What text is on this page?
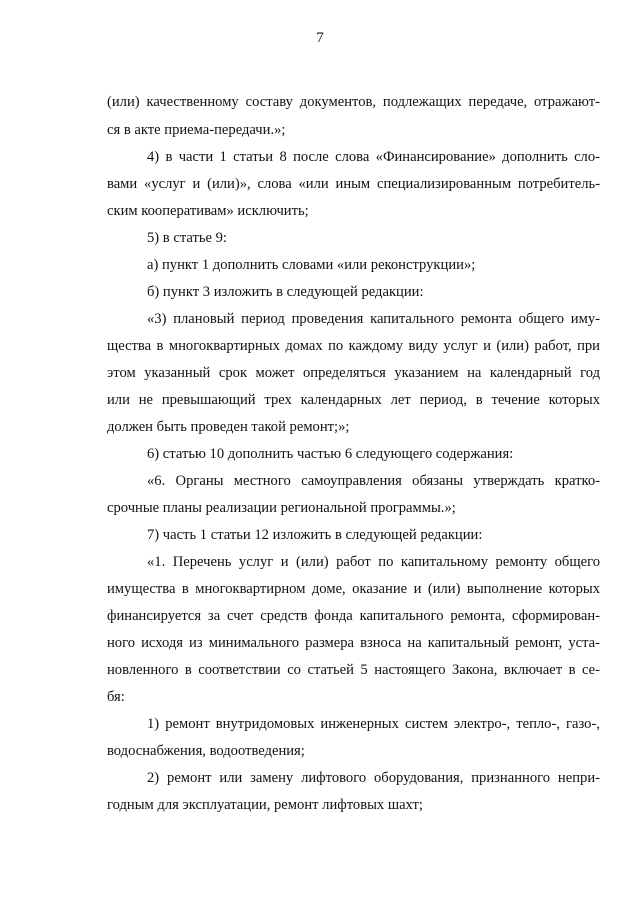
7
(или) качественному составу документов, подлежащих передаче, отражают-
ся в акте приема-передачи.»;
4) в части 1 статьи 8 после слова «Финансирование» дополнить сло-
вами «услуг и (или)», слова «или иным специализированным потребитель-
ским кооперативам» исключить;
5) в статье 9:
а) пункт 1 дополнить словами «или реконструкции»;
б) пункт 3 изложить в следующей редакции:
«3) плановый период проведения капитального ремонта общего иму-
щества в многоквартирных домах по каждому виду услуг и (или) работ, при
этом указанный срок может определяться указанием на календарный год
или не превышающий трех календарных лет период, в течение которых
должен быть проведен такой ремонт;»;
6) статью 10 дополнить частью 6 следующего содержания:
«6. Органы местного самоуправления обязаны утверждать кратко-
срочные планы реализации региональной программы.»;
7) часть 1 статьи 12 изложить в следующей редакции:
«1. Перечень услуг и (или) работ по капитальному ремонту общего
имущества в многоквартирном доме, оказание и (или) выполнение которых
финансируется за счет средств фонда капитального ремонта, сформирован-
ного исходя из минимального размера взноса на капитальный ремонт, уста-
новленного в соответствии со статьей 5 настоящего Закона, включает в се-
бя:
1) ремонт внутридомовых инженерных систем электро-, тепло-, газо-,
водоснабжения, водоотведения;
2) ремонт или замену лифтового оборудования, признанного непри-
годным для эксплуатации, ремонт лифтовых шахт;
